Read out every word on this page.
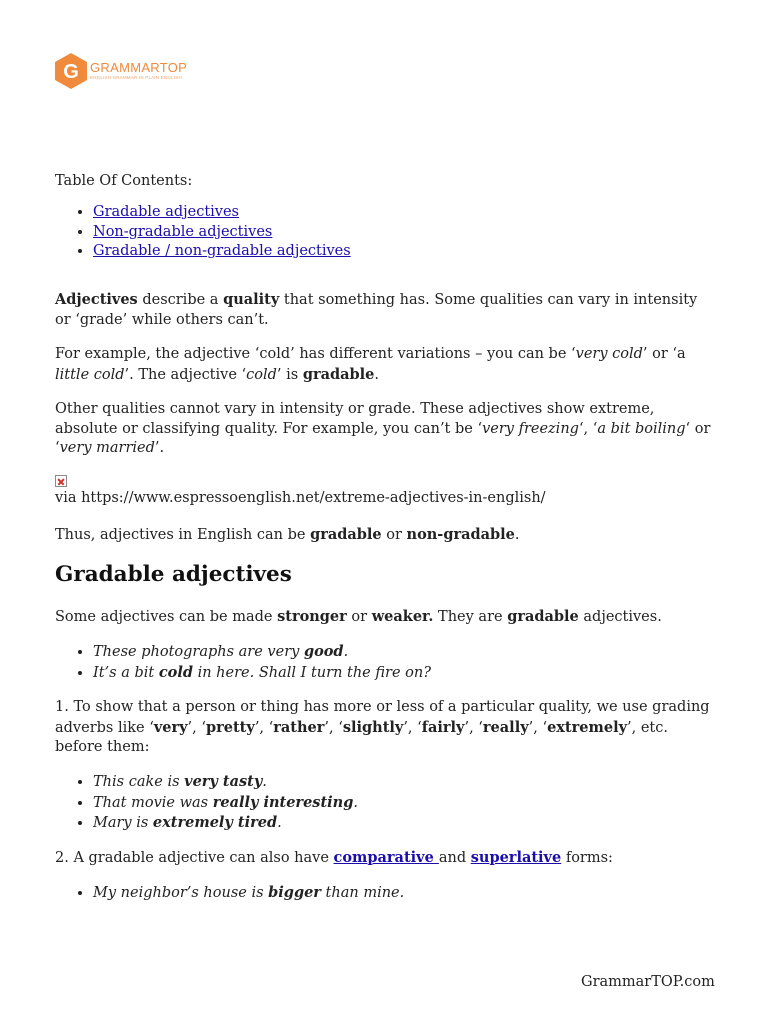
G GRAMMARTOP
ENGLISH GRAMMAR IN PLAIN ENGLISH

Table Of Contents:

• Gradable adjectives
• Non-gradable adjectives
• Gradable / non-gradable adjectives

Adjectives describe a quality that something has. Some qualities can vary in intensity or ‘grade’ while others can’t.

For example, the adjective ‘cold’ has different variations – you can be ‘very cold’ or ‘a little cold’. The adjective ‘cold’ is gradable.

Other qualities cannot vary in intensity or grade. These adjectives show extreme, absolute or classifying quality. For example, you can’t be ‘very freezing‘, ‘a bit boiling‘ or ‘very married’.

via https://www.espressoenglish.net/extreme-adjectives-in-english/

Thus, adjectives in English can be gradable or non-gradable.

Gradable adjectives

Some adjectives can be made stronger or weaker. They are gradable adjectives.

• These photographs are very good.
• It’s a bit cold in here. Shall I turn the fire on?

1. To show that a person or thing has more or less of a particular quality, we use grading adverbs like ‘very’, ‘pretty’, ‘rather’, ‘slightly’, ‘fairly’, ‘really’, ‘extremely’, etc. before them:

• This cake is very tasty.
• That movie was really interesting.
• Mary is extremely tired.

2. A gradable adjective can also have comparative and superlative forms:

• My neighbor’s house is bigger than mine.
GrammarTOP.com
